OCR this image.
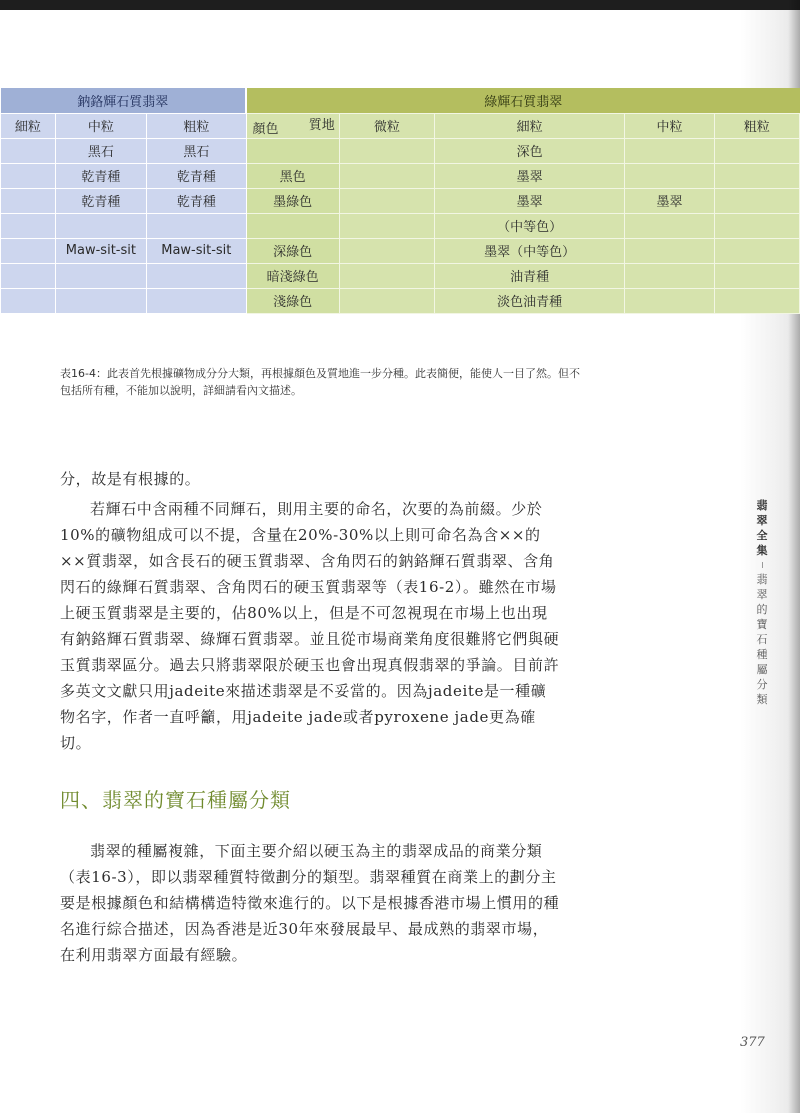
鈉鉻輝石質翡翠			綠輝石質翡翠				
細粒	中粒	粗粒	顏色 質地	微粒	細粒	中粒	粗粒
	黑石	黑石			深色		
	乾青種	乾青種	黑色		墨翠		
	乾青種	乾青種	墨綠色		墨翠	墨翠	
					（中等色）		
	Maw-sit-sit	Maw-sit-sit	深綠色		墨翠（中等色）		
			暗淺綠色		油青種		
			淺綠色		淡色油青種		
表16-4：此表首先根據礦物成分分大類，再根據顏色及質地進一步分種。此表簡便，能使人一目了然。但不包括所有種，不能加以說明，詳細請看內文描述。

分，故是有根據的。

若輝石中含兩種不同輝石，則用主要的命名，次要的為前綴。少於10%的礦物組成可以不提，含量在20%-30%以上則可命名為含××的××質翡翠，如含長石的硬玉質翡翠、含角閃石的鈉鉻輝石質翡翠、含角閃石的綠輝石質翡翠、含角閃石的硬玉質翡翠等（表16-2）。雖然在市場上硬玉質翡翠是主要的，佔80%以上，但是不可忽視現在市場上也出現有鈉鉻輝石質翡翠、綠輝石質翡翠。並且從市場商業角度很難將它們與硬玉質翡翠區分。過去只將翡翠限於硬玉也會出現真假翡翠的爭論。目前許多英文文獻只用jadeite來描述翡翠是不妥當的。因為jadeite是一種礦物名字，作者一直呼籲，用jadeite jade或者pyroxene jade更為確切。

四、翡翠的寶石種屬分類

翡翠的種屬複雜，下面主要介紹以硬玉為主的翡翠成品的商業分類（表16-3），即以翡翠種質特徵劃分的類型。翡翠種質在商業上的劃分主要是根據顏色和結構構造特徵來進行的。以下是根據香港市場上慣用的種名進行綜合描述，因為香港是近30年來發展最早、最成熟的翡翠市場，在利用翡翠方面最有經驗。

翡
翠
全
集
翡
翠
的
寶
石
種
屬
分
類
377
